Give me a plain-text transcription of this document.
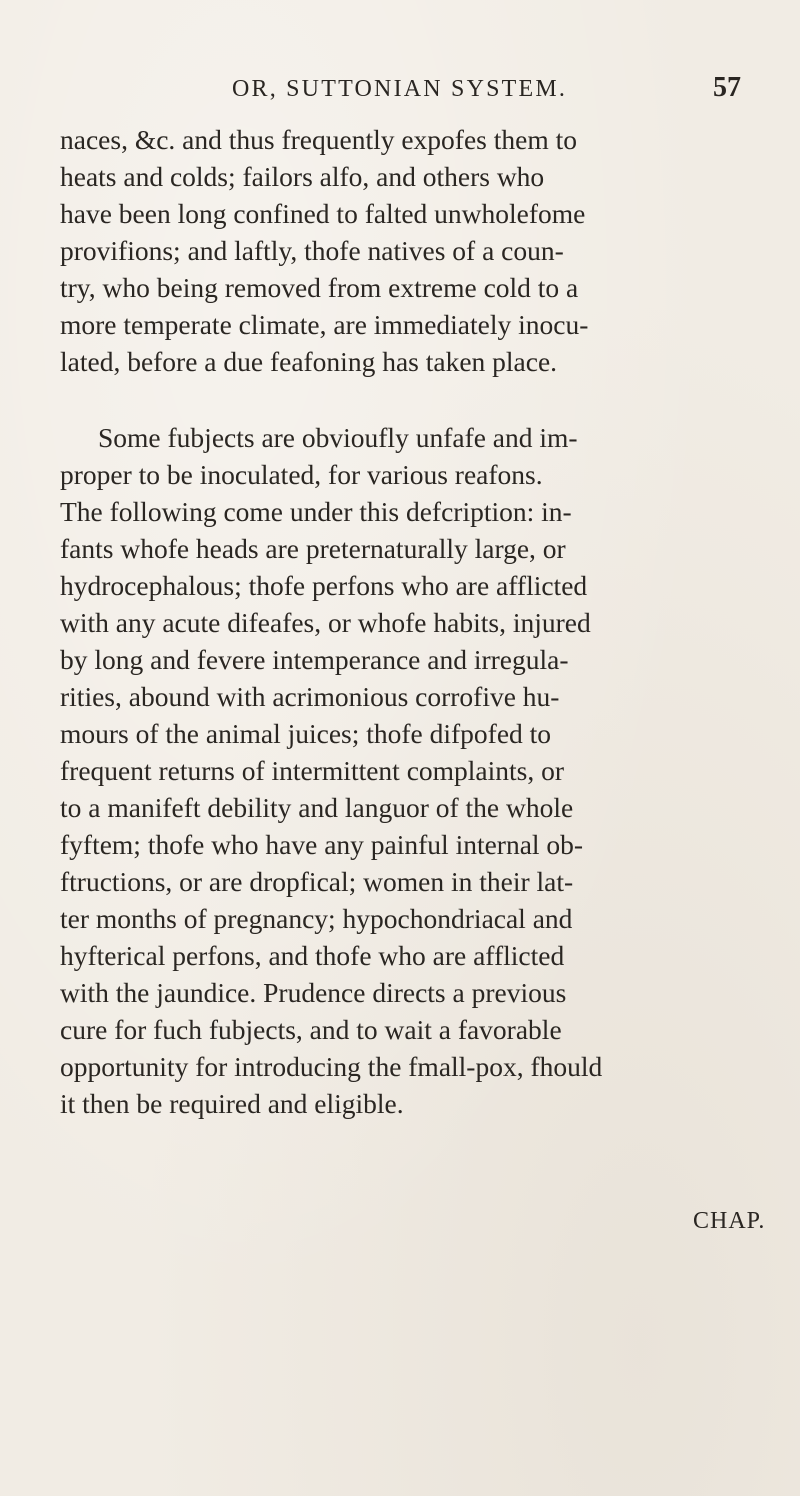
OR, SUTTONIAN SYSTEM.	57
naces, &c. and thus frequently expofes them to
heats and colds; failors alfo, and others who
have been long confined to falted unwholefome
provifions; and laftly, thofe natives of a coun-
try, who being removed from extreme cold to a
more temperate climate, are immediately inocu-
lated, before a due feafoning has taken place.
Some fubjects are obvioufly unfafe and im-
proper to be inoculated, for various reafons.
The following come under this defcription: in-
fants whofe heads are preternaturally large, or
hydrocephalous; thofe perfons who are afflicted
with any acute difeafes, or whofe habits, injured
by long and fevere intemperance and irregula-
rities, abound with acrimonious corrofive hu-
mours of the animal juices; thofe difpofed to
frequent returns of intermittent complaints, or
to a manifeft debility and languor of the whole
fyftem; thofe who have any painful internal ob-
ftructions, or are dropfical; women in their lat-
ter months of pregnancy; hypochondriacal and
hyfterical perfons, and thofe who are afflicted
with the jaundice. Prudence directs a previous
cure for fuch fubjects, and to wait a favorable
opportunity for introducing the fmall-pox, fhould
it then be required and eligible.
CHAP.
